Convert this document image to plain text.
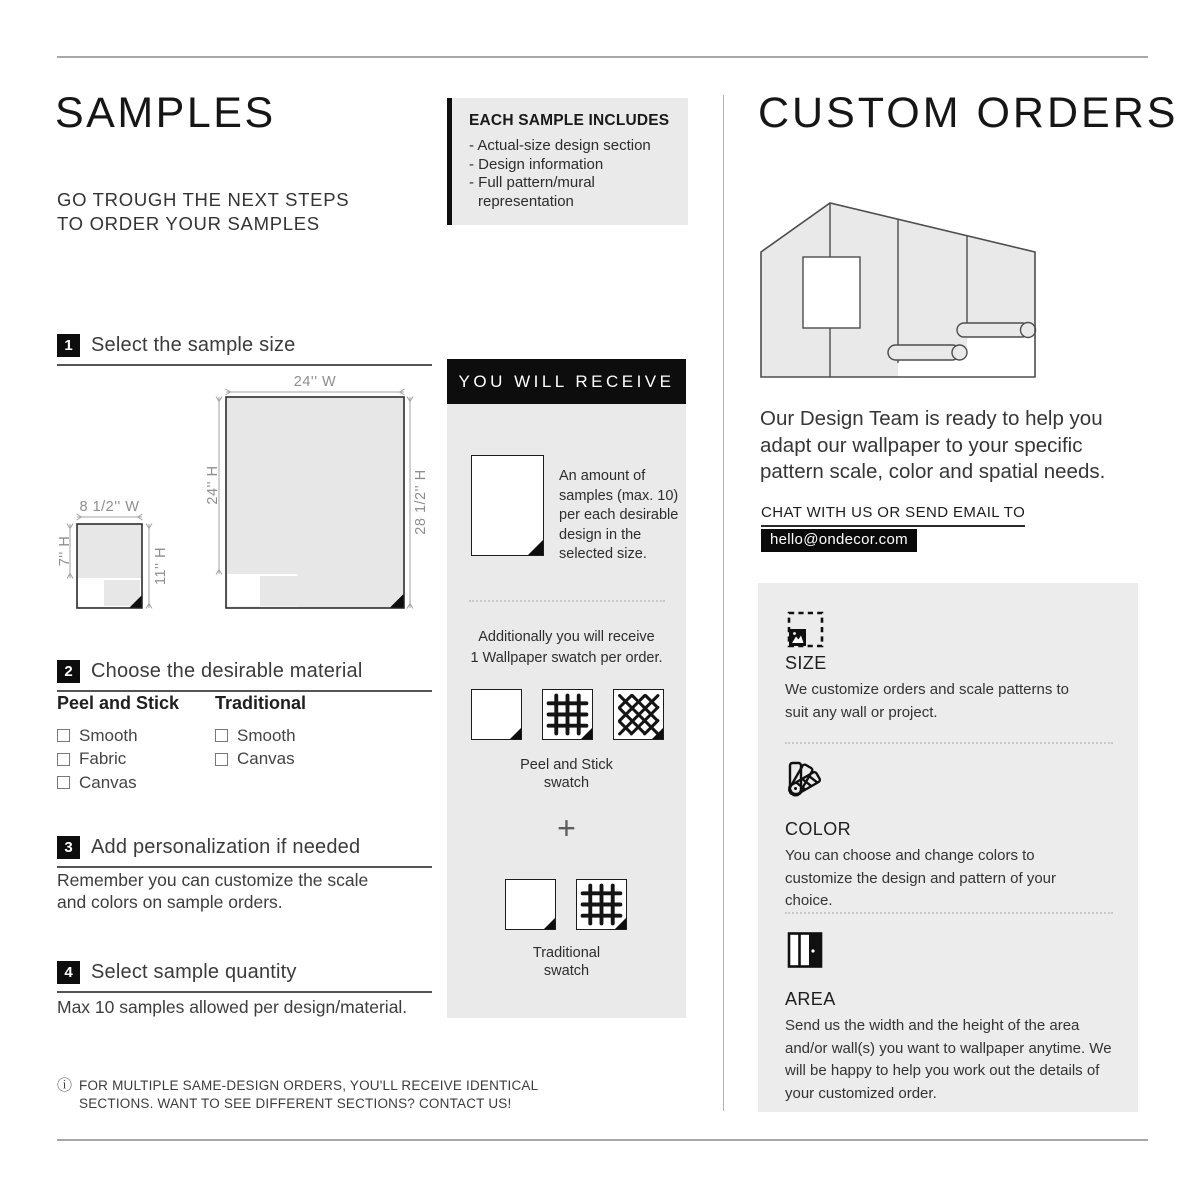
SAMPLES
GO TROUGH THE NEXT STEPS
TO ORDER YOUR SAMPLES
1 Select the sample size
24'' W
24'' H	28 1/2'' H
8 1/2'' W
7'' H	11'' H
2 Choose the desirable material
Peel and Stick
Smooth
Fabric
Canvas
Traditional
Smooth
Canvas
3 Add personalization if needed
Remember you can customize the scale
and colors on sample orders.
4 Select sample quantity
Max 10 samples allowed per design/material.
ⓘ FOR MULTIPLE SAME-DESIGN ORDERS, YOU'LL RECEIVE IDENTICAL
SECTIONS. WANT TO SEE DIFFERENT SECTIONS? CONTACT US!
EACH SAMPLE INCLUDES
- Actual-size design section
- Design information
- Full pattern/mural representation
YOU WILL RECEIVE
An amount of samples (max. 10) per each desirable design in the selected size.
Additionally you will receive
1 Wallpaper swatch per order.
Peel and Stick
swatch
+
Traditional
swatch
CUSTOM ORDERS
Our Design Team is ready to help you
adapt our wallpaper to your specific
pattern scale, color and spatial needs.
CHAT WITH US OR SEND EMAIL TO
hello@ondecor.com
SIZE
We customize orders and scale patterns to suit any wall or project.
COLOR
You can choose and change colors to customize the design and pattern of your choice.
AREA
Send us the width and the height of the area and/or wall(s) you want to wallpaper anytime. We will be happy to help you work out the details of your customized order.
